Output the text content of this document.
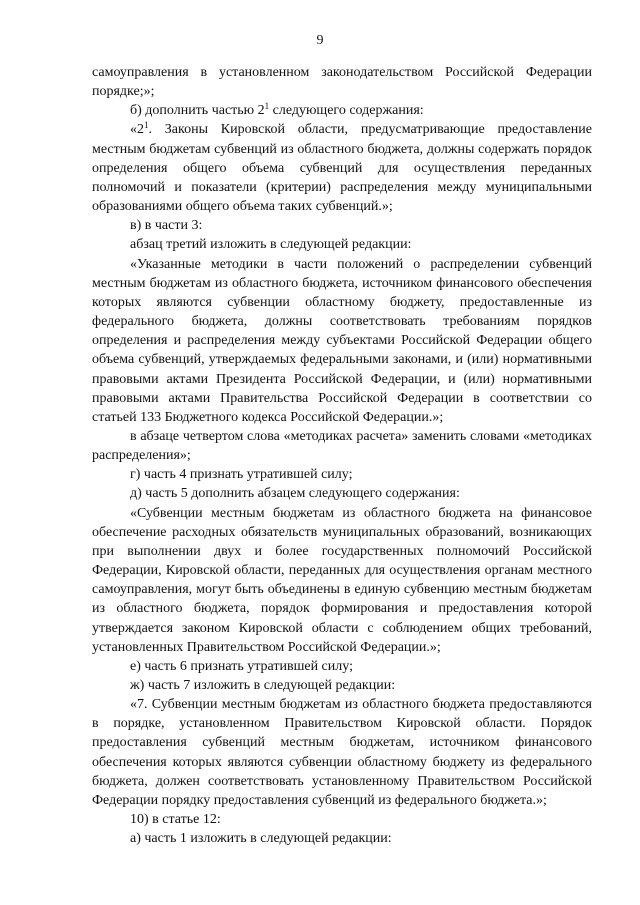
9

самоуправления в установленном законодательством Российской Федерации порядке;»;

б) дополнить частью $2^1$ следующего содержания:

«$2^1$. Законы Кировской области, предусматривающие предоставление местным бюджетам субвенций из областного бюджета, должны содержать порядок определения общего объема субвенций для осуществления переданных полномочий и показатели (критерии) распределения между муниципальными образованиями общего объема таких субвенций.»;

в) в части 3:

абзац третий изложить в следующей редакции:

«Указанные методики в части положений о распределении субвенций местным бюджетам из областного бюджета, источником финансового обеспечения которых являются субвенции областному бюджету, предоставленные из федерального бюджета, должны соответствовать требованиям порядков определения и распределения между субъектами Российской Федерации общего объема субвенций, утверждаемых федеральными законами, и (или) нормативными правовыми актами Президента Российской Федерации, и (или) нормативными правовыми актами Правительства Российской Федерации в соответствии со статьей 133 Бюджетного кодекса Российской Федерации.»;

в абзаце четвертом слова «методиках расчета» заменить словами «методиках распределения»;

г) часть 4 признать утратившей силу;

д) часть 5 дополнить абзацем следующего содержания:

«Субвенции местным бюджетам из областного бюджета на финансовое обеспечение расходных обязательств муниципальных образований, возникающих при выполнении двух и более государственных полномочий Российской Федерации, Кировской области, переданных для осуществления органам местного самоуправления, могут быть объединены в единую субвенцию местным бюджетам из областного бюджета, порядок формирования и предоставления которой утверждается законом Кировской области с соблюдением общих требований, установленных Правительством Российской Федерации.»;

е) часть 6 признать утратившей силу;

ж) часть 7 изложить в следующей редакции:

«7. Субвенции местным бюджетам из областного бюджета предоставляются в порядке, установленном Правительством Кировской области. Порядок предоставления субвенций местным бюджетам, источником финансового обеспечения которых являются субвенции областному бюджету из федерального бюджета, должен соответствовать установленному Правительством Российской Федерации порядку предоставления субвенций из федерального бюджета.»;

10) в статье 12:

а) часть 1 изложить в следующей редакции:
